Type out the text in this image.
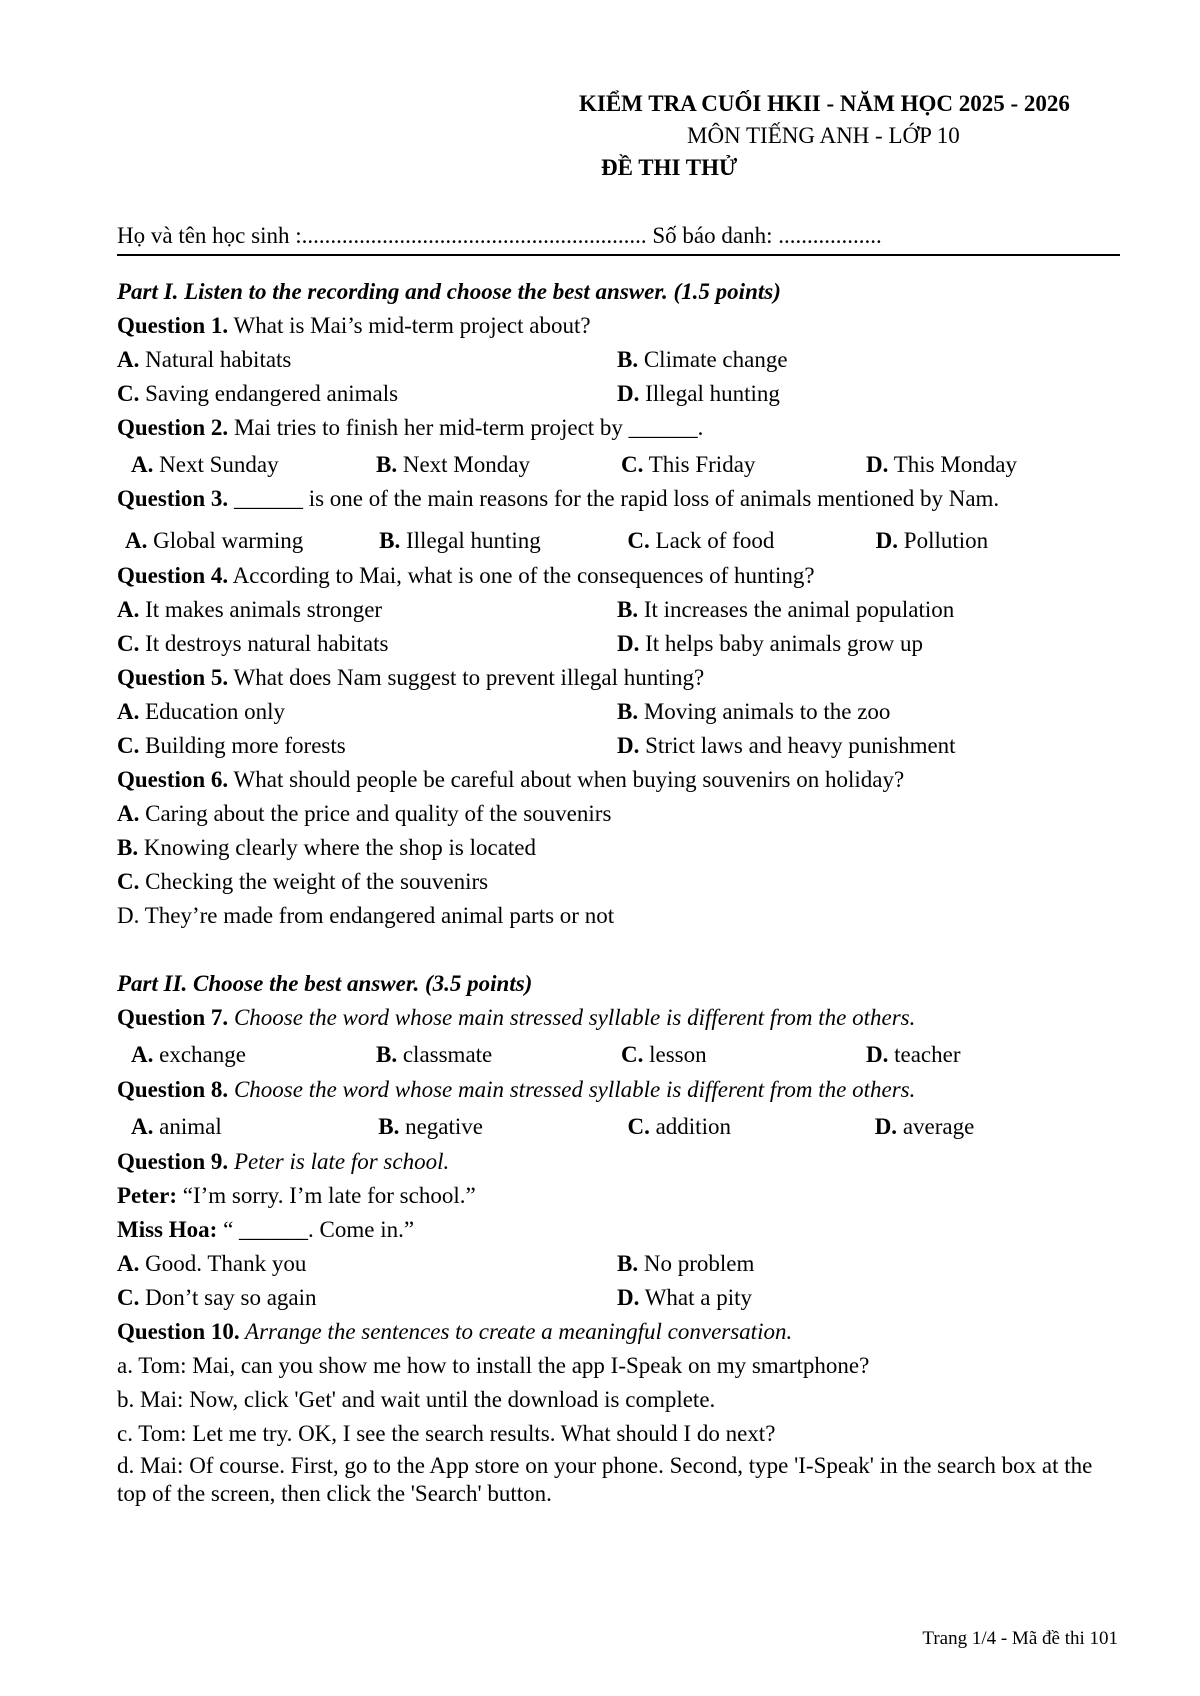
KIỂM TRA CUỐI HKII - NĂM HỌC 2025 - 2026
MÔN TIẾNG ANH - LỚP 10
ĐỀ THI THỬ
Họ và tên học sinh :............................................................ Số báo danh: ..................
Part I. Listen to the recording and choose the best answer. (1.5 points)
Question 1. What is Mai’s mid-term project about?
A. Natural habitats	B. Climate change
C. Saving endangered animals	D. Illegal hunting
Question 2. Mai tries to finish her mid-term project by ______.
A. Next Sunday	B. Next Monday	C. This Friday	D. This Monday
Question 3. ______ is one of the main reasons for the rapid loss of animals mentioned by Nam.
A. Global warming	B. Illegal hunting	C. Lack of food	D. Pollution
Question 4. According to Mai, what is one of the consequences of hunting?
A. It makes animals stronger	B. It increases the animal population
C. It destroys natural habitats	D. It helps baby animals grow up
Question 5. What does Nam suggest to prevent illegal hunting?
A. Education only	B. Moving animals to the zoo
C. Building more forests	D. Strict laws and heavy punishment
Question 6. What should people be careful about when buying souvenirs on holiday?
A. Caring about the price and quality of the souvenirs
B. Knowing clearly where the shop is located
C. Checking the weight of the souvenirs
D. They’re made from endangered animal parts or not
Part II. Choose the best answer. (3.5 points)
Question 7. Choose the word whose main stressed syllable is different from the others.
A. exchange	B. classmate	C. lesson	D. teacher
Question 8. Choose the word whose main stressed syllable is different from the others.
A. animal	B. negative	C. addition	D. average
Question 9. Peter is late for school.
Peter: “I’m sorry. I’m late for school.”
Miss Hoa: “ ______. Come in.”
A. Good. Thank you	B. No problem
C. Don’t say so again	D. What a pity
Question 10. Arrange the sentences to create a meaningful conversation.
a. Tom: Mai, can you show me how to install the app I-Speak on my smartphone?
b. Mai: Now, click 'Get' and wait until the download is complete.
c. Tom: Let me try. OK, I see the search results. What should I do next?
d. Mai: Of course. First, go to the App store on your phone. Second, type 'I-Speak' in the search box at the top of the screen, then click the 'Search' button.
Trang 1/4 - Mã đề thi 101
